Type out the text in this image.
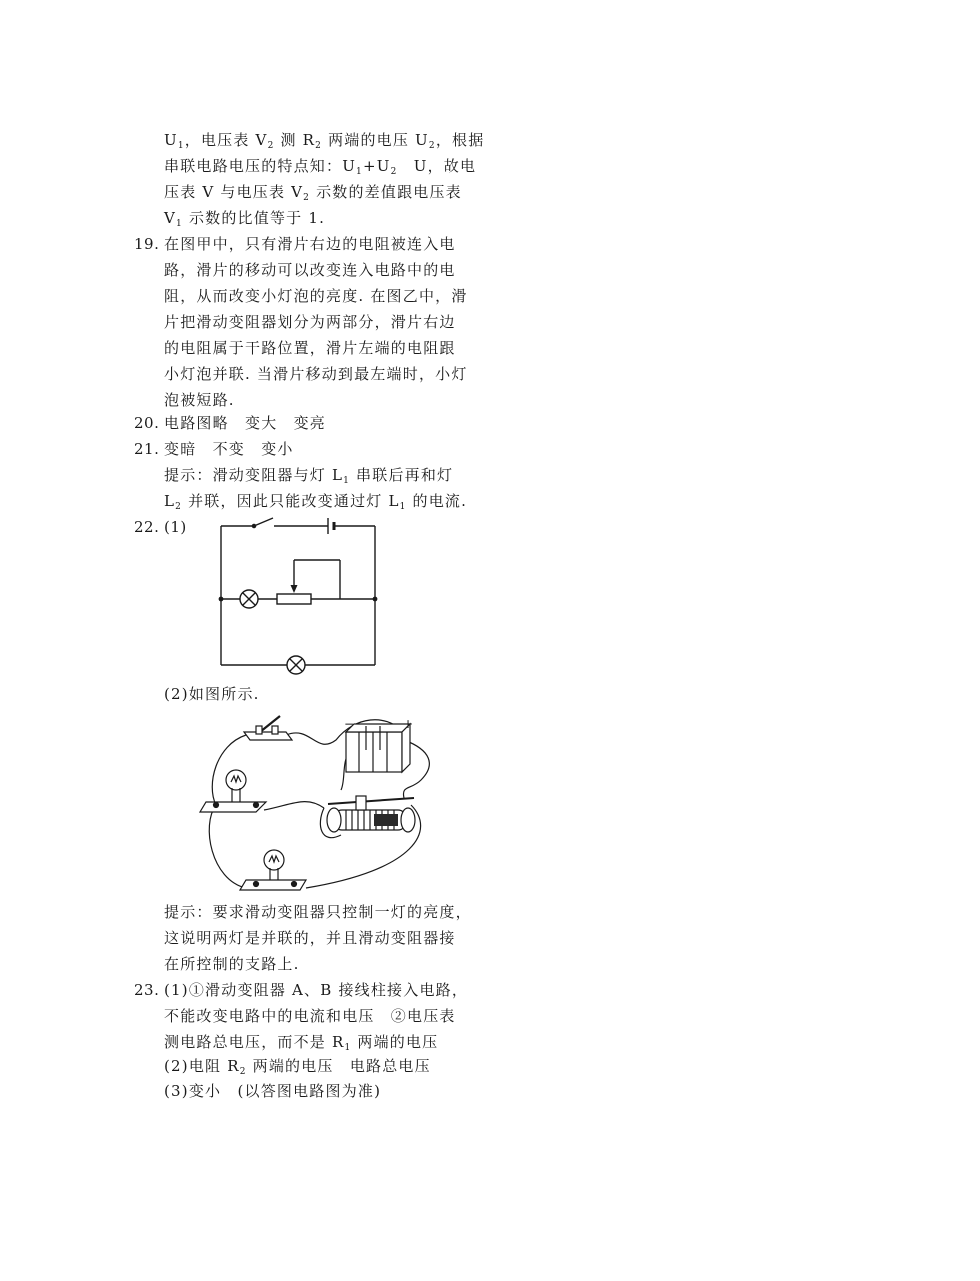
$U_1$，电压表 $V_2$ 测 $R_2$ 两端的电压 $U_2$，根据
串联电路电压的特点知：$U_1+U_2$　U，故电
压表 V 与电压表 $V_2$ 示数的差值跟电压表
$V_1$ 示数的比值等于 1.
19. 在图甲中，只有滑片右边的电阻被连入电
路，滑片的移动可以改变连入电路中的电
阻，从而改变小灯泡的亮度. 在图乙中，滑
片把滑动变阻器划分为两部分，滑片右边
的电阻属于干路位置，滑片左端的电阻跟
小灯泡并联. 当滑片移动到最左端时，小灯
泡被短路.
20. 电路图略　变大　变亮
21. 变暗　不变　变小
提示：滑动变阻器与灯 $L_1$ 串联后再和灯
$L_2$ 并联，因此只能改变通过灯 $L_1$ 的电流.
22. (1)
(2)如图所示.
−	+
提示：要求滑动变阻器只控制一灯的亮度，
这说明两灯是并联的，并且滑动变阻器接
在所控制的支路上.
23. (1)①滑动变阻器 A、B 接线柱接入电路，
不能改变电路中的电流和电压　②电压表
测电路总电压，而不是 $R_1$ 两端的电压
(2)电阻 $R_2$ 两端的电压　电路总电压
(3)变小　(以答图电路图为准)
